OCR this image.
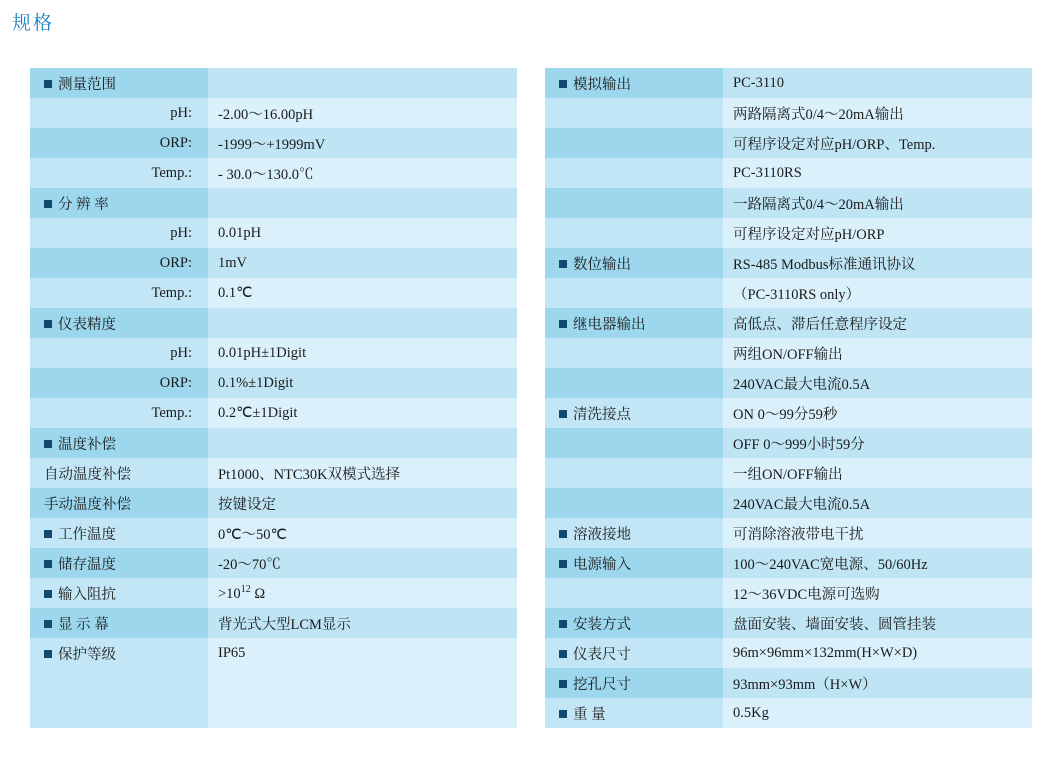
规格
测量范围	
pH:	-2.00～16.00pH
ORP:	-1999～+1999mV
Temp.:	- 30.0～130.0℃
分 辨 率	
pH:	0.01pH
ORP:	1mV
Temp.:	0.1℃
仪表精度	
pH:	0.01pH±1Digit
ORP:	0.1%±1Digit
Temp.:	0.2℃±1Digit
温度补偿	
自动温度补偿	Pt1000、NTC30K双模式选择
手动温度补偿	按键设定
工作温度	0℃～50℃
储存温度	-20～70℃
输入阻抗	$>10^{12}$ Ω
显 示 幕	背光式大型LCM显示
保护等级	IP65

模拟输出	PC-3110
	两路隔离式0/4～20mA输出
	可程序设定对应pH/ORP、Temp.
	PC-3110RS
	一路隔离式0/4～20mA输出
	可程序设定对应pH/ORP
数位输出	RS-485 Modbus标准通讯协议
	（PC-3110RS only）
继电器输出	高低点、滞后任意程序设定
	两组ON/OFF输出
	240VAC最大电流0.5A
清洗接点	ON 0～99分59秒
	OFF 0～999小时59分
	一组ON/OFF输出
	240VAC最大电流0.5A
溶液接地	可消除溶液带电干扰
电源输入	100～240VAC宽电源、50/60Hz
	12～36VDC电源可选购
安装方式	盘面安装、墙面安装、圆管挂装
仪表尺寸	96m×96mm×132mm(H×W×D)
挖孔尺寸	93mm×93mm（H×W）
重 量	0.5Kg
